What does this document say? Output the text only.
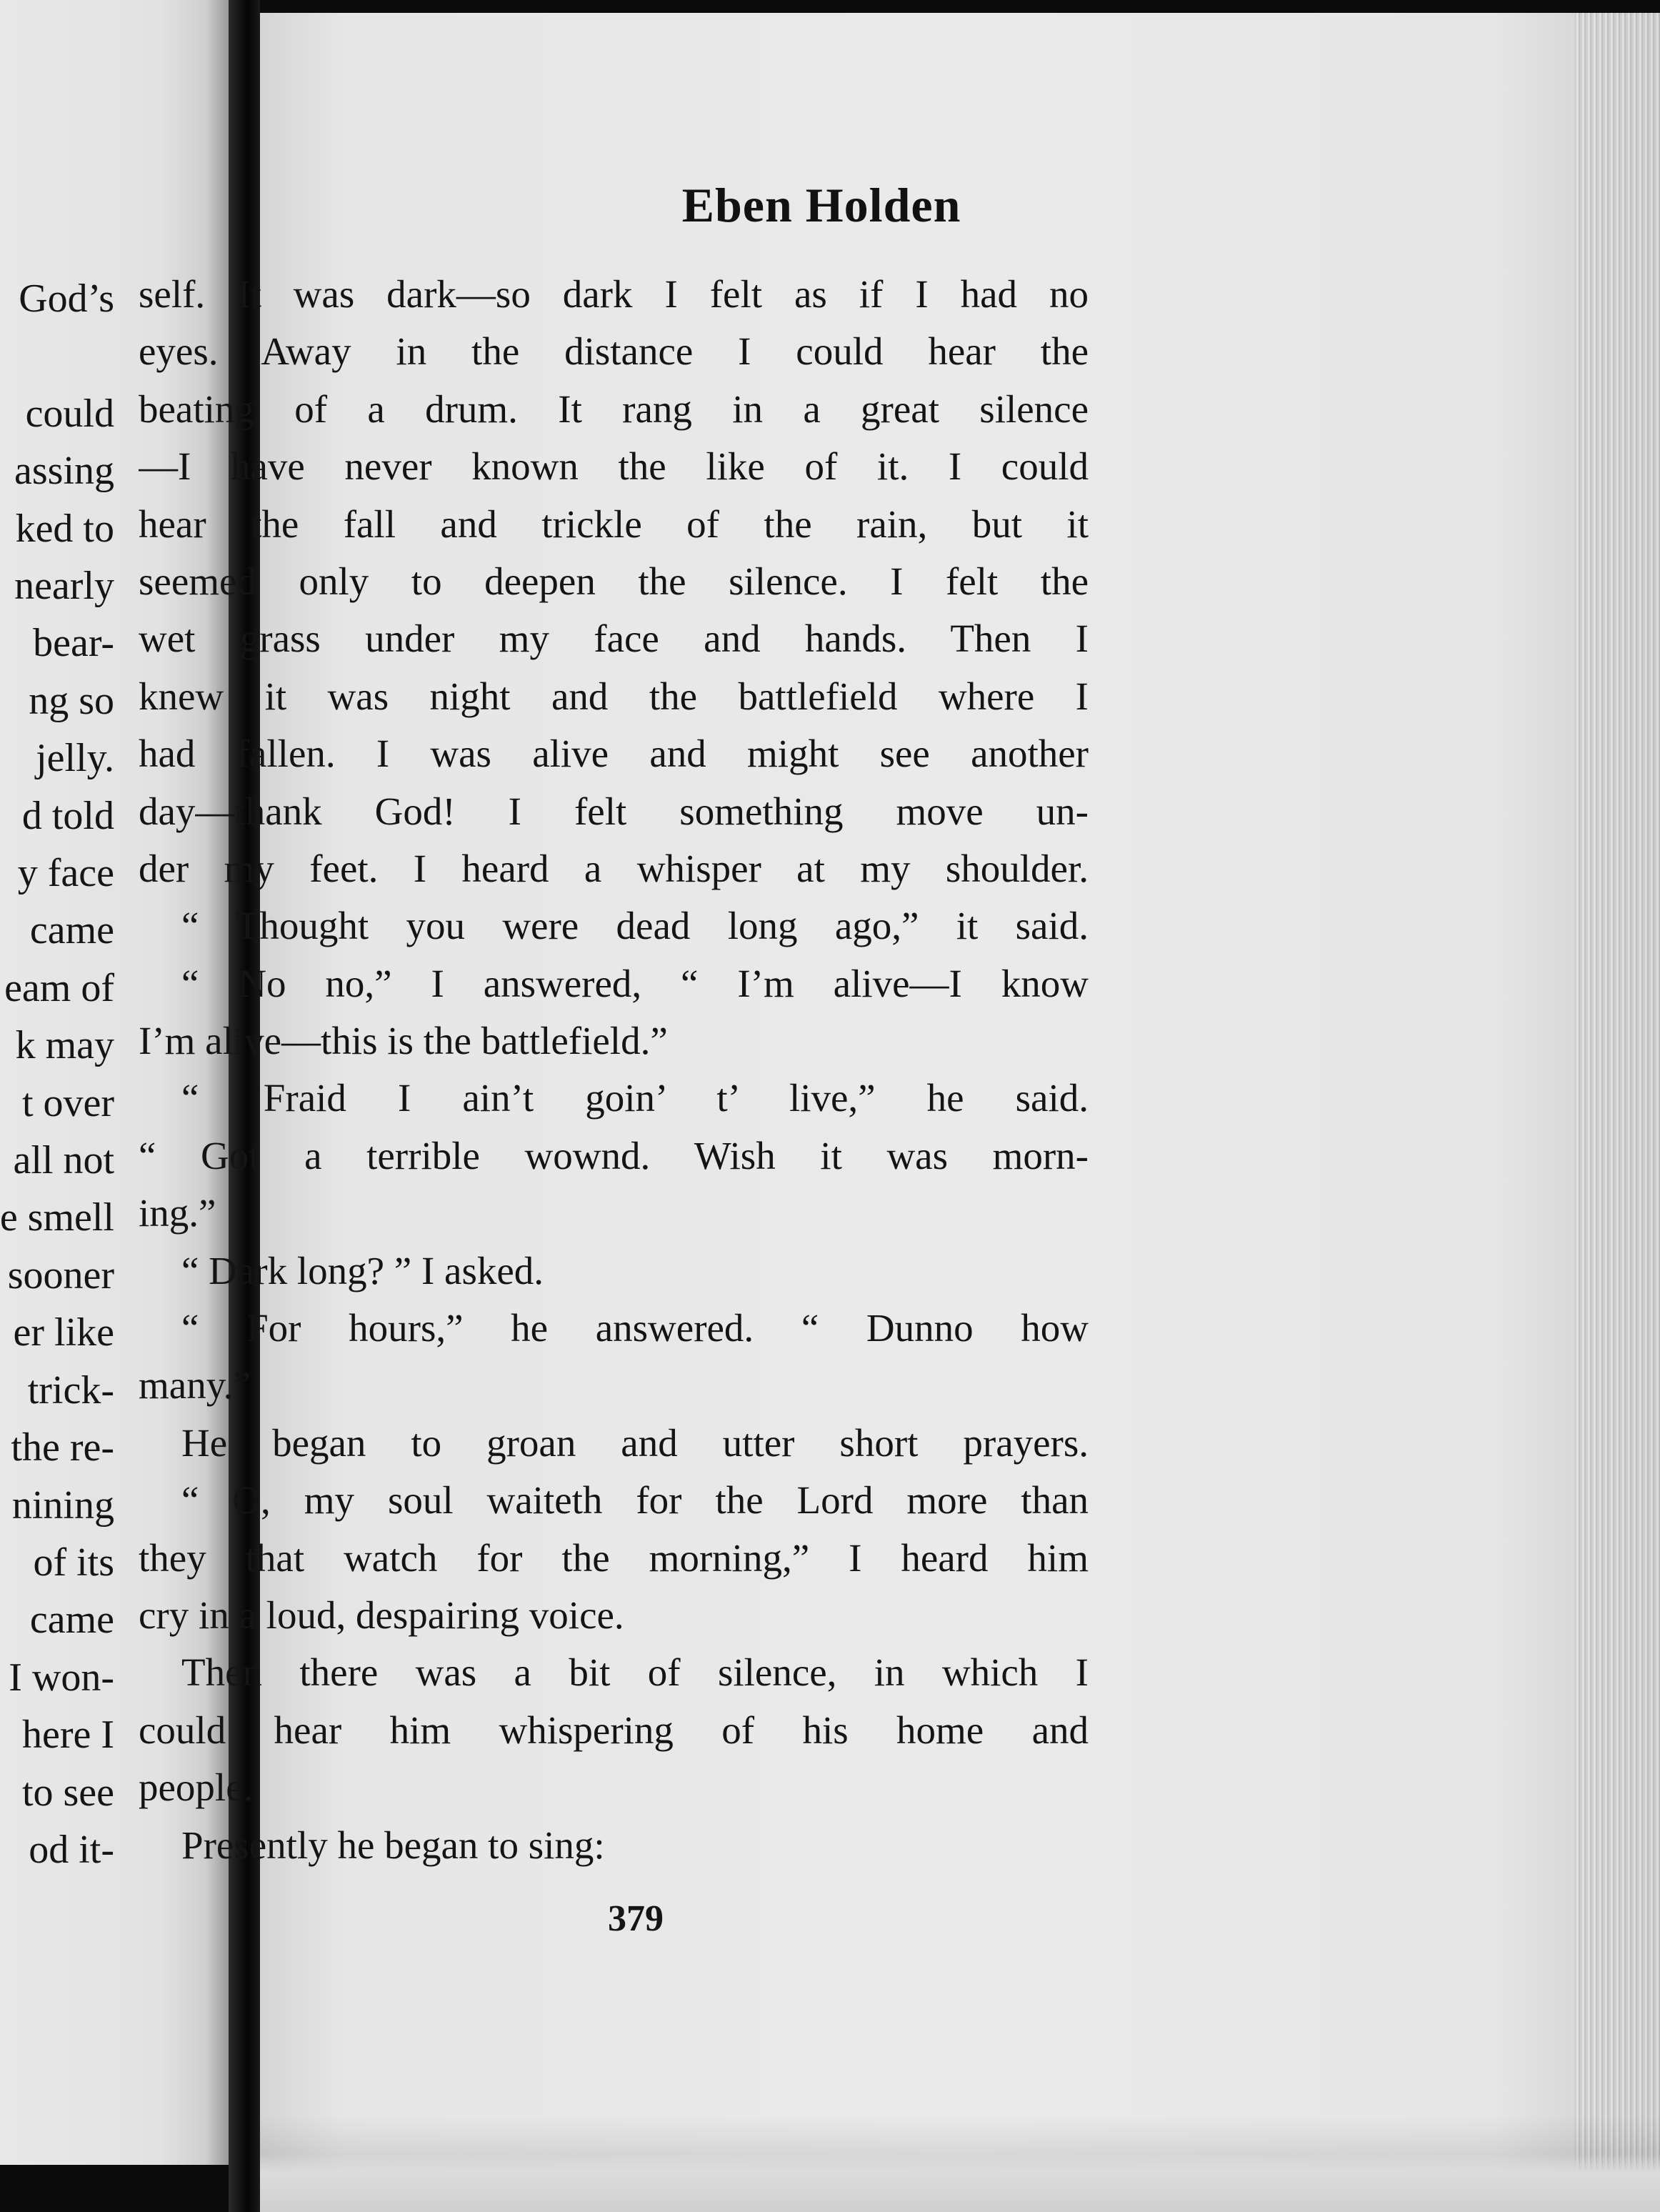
God’s
could
assing
ked to
nearly
bear-
ng so
jelly.
d told
y face
came
eam of
k may
t over
all not
e smell
sooner
er like
trick-
the re-
nining
of its
came
I won-
here I
to see
od it-
Eben Holden

self. It was dark—so dark I felt as if I had no

eyes. Away in the distance I could hear the

beating of a drum. It rang in a great silence

—I have never known the like of it. I could

hear the fall and trickle of the rain, but it

seemed only to deepen the silence. I felt the

wet grass under my face and hands. Then I

knew it was night and the battlefield where I

had fallen. I was alive and might see another

day—thank God! I felt something move un-

der my feet. I heard a whisper at my shoulder.

“ Thought you were dead long ago,” it said.

“ No no,” I answered, “ I’m alive—I know

I’m alive—this is the battlefield.”

“ ’Fraid I ain’t goin’ t’ live,” he said.

“ Got a terrible wownd. Wish it was morn-

ing.”

“ Dark long? ” I asked.

“ For hours,” he answered. “ Dunno how

many.”

He began to groan and utter short prayers.

“ O, my soul waiteth for the Lord more than

they that watch for the morning,” I heard him

cry in a loud, despairing voice.

Then there was a bit of silence, in which I

could hear him whispering of his home and

people.

Presently he began to sing:

379
